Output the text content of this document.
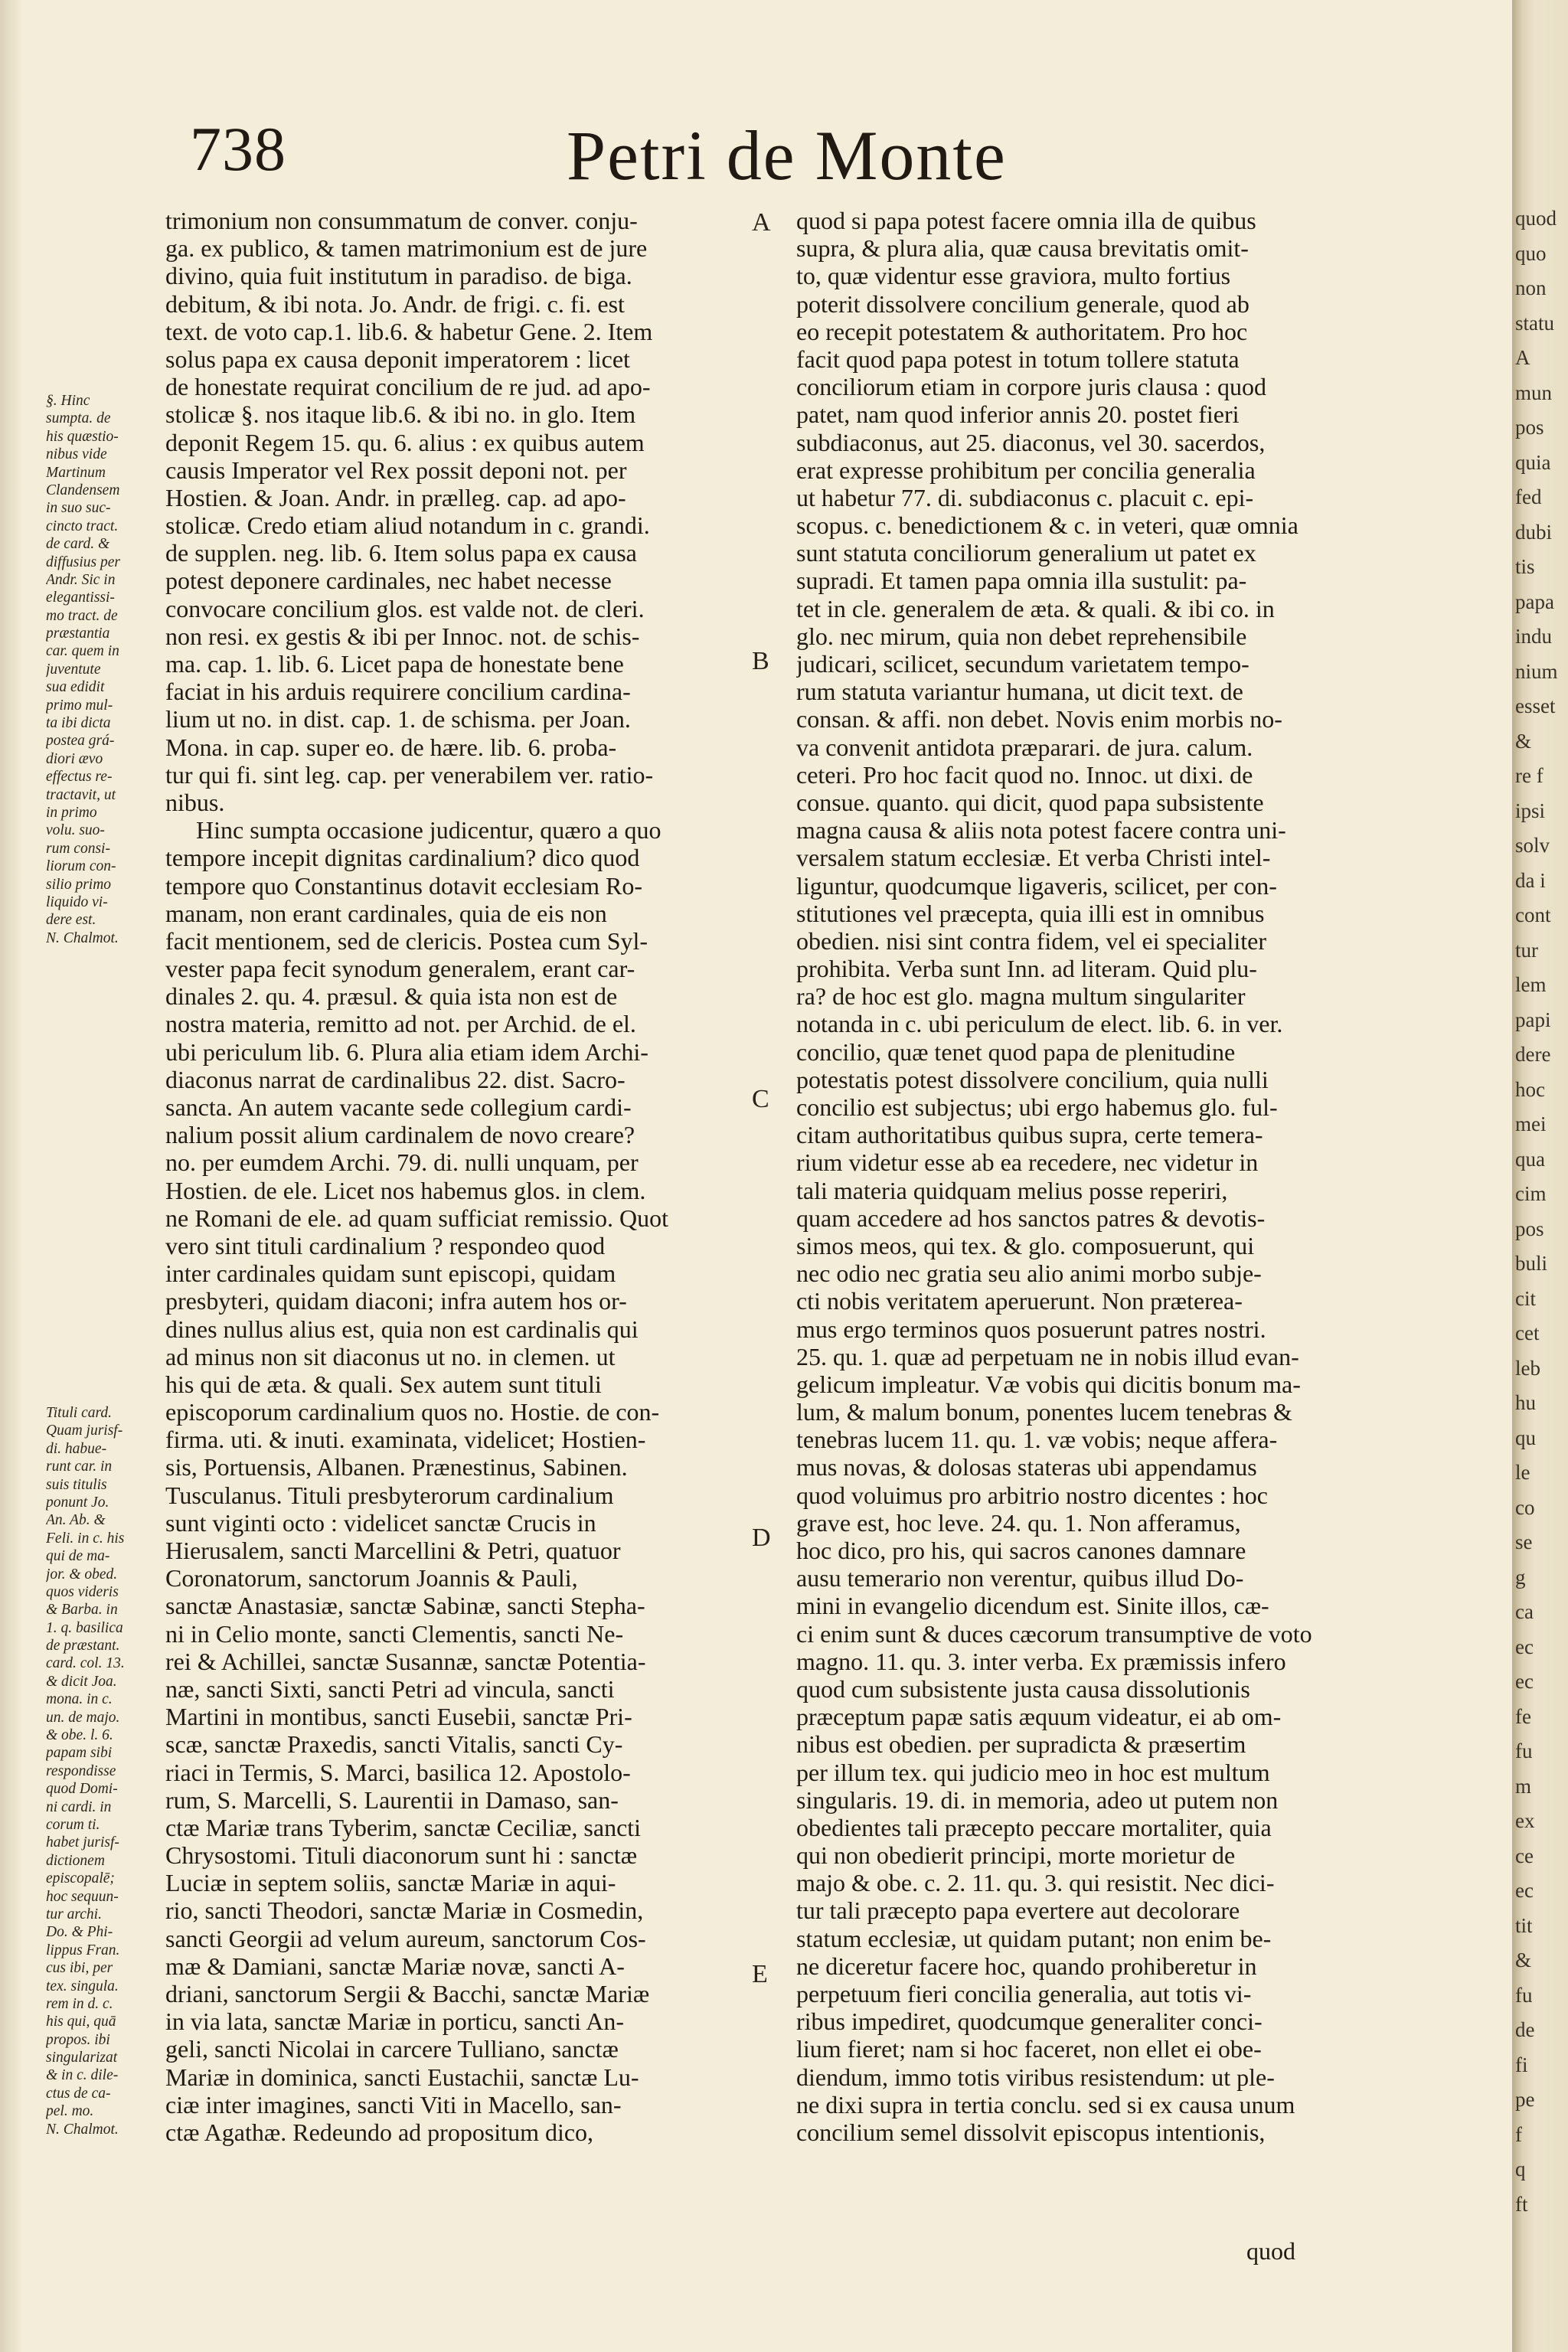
738	Petri de Monte
§. Hinc
sumpta. de
his quæstio-
nibus vide
Martinum
Clandensem
in suo suc-
cincto tract.
de card. &
diffusius per
Andr. Sic in
elegantissi-
mo tract. de
præstantia
car. quem in
juventute
sua edidit
primo mul-
ta ibi dicta
postea grá-
diori ævo
effectus re-
tractavit, ut
in primo
volu. suo-
rum consi-
liorum con-
silio primo
liquido vi-
dere est.
N. Chalmot.
Tituli card.
Quam jurisf-
di. habue-
runt car. in
suis titulis
ponunt Jo.
An. Ab. &
Feli. in c. his
qui de ma-
jor. & obed.
quos videris
& Barba. in
1. q. basilica
de præstant.
card. col. 13.
& dicit Joa.
mona. in c.
un. de majo.
& obe. l. 6.
papam sibi
respondisse
quod Domi-
ni cardi. in
corum ti.
habet jurisf-
dictionem
episcopalē;
hoc sequun-
tur archi.
Do. & Phi-
lippus Fran.
cus ibi, per
tex. singula.
rem in d. c.
his qui, quā
propos. ibi
singularizat
& in c. dile-
ctus de ca-
pel. mo.
N. Chalmot.
trimonium non consummatum de conver. conju-
ga. ex publico, & tamen matrimonium est de jure
divino, quia fuit institutum in paradiso. de biga.
debitum, & ibi nota. Jo. Andr. de frigi. c. fi. est
text. de voto cap.1. lib.6. & habetur Gene. 2. Item
solus papa ex causa deponit imperatorem : licet
de honestate requirat concilium de re jud. ad apo-
stolicæ §. nos itaque lib.6. & ibi no. in glo. Item
deponit Regem 15. qu. 6. alius : ex quibus autem
causis Imperator vel Rex possit deponi not. per
Hostien. & Joan. Andr. in prælleg. cap. ad apo-
stolicæ. Credo etiam aliud notandum in c. grandi.
de supplen. neg. lib. 6. Item solus papa ex causa
potest deponere cardinales, nec habet necesse
convocare concilium glos. est valde not. de cleri.
non resi. ex gestis & ibi per Innoc. not. de schis-
ma. cap. 1. lib. 6. Licet papa de honestate bene
faciat in his arduis requirere concilium cardina-
lium ut no. in dist. cap. 1. de schisma. per Joan.
Mona. in cap. super eo. de hære. lib. 6. proba-
tur qui fi. sint leg. cap. per venerabilem ver. ratio-
nibus.
Hinc sumpta occasione judicentur, quæro a quo
tempore incepit dignitas cardinalium? dico quod
tempore quo Constantinus dotavit ecclesiam Ro-
manam, non erant cardinales, quia de eis non
facit mentionem, sed de clericis. Postea cum Syl-
vester papa fecit synodum generalem, erant car-
dinales 2. qu. 4. præsul. & quia ista non est de
nostra materia, remitto ad not. per Archid. de el.
ubi periculum lib. 6. Plura alia etiam idem Archi-
diaconus narrat de cardinalibus 22. dist. Sacro-
sancta. An autem vacante sede collegium cardi-
nalium possit alium cardinalem de novo creare?
no. per eumdem Archi. 79. di. nulli unquam, per
Hostien. de ele. Licet nos habemus glos. in clem.
ne Romani de ele. ad quam sufficiat remissio. Quot
vero sint tituli cardinalium ? respondeo quod
inter cardinales quidam sunt episcopi, quidam
presbyteri, quidam diaconi; infra autem hos or-
dines nullus alius est, quia non est cardinalis qui
ad minus non sit diaconus ut no. in clemen. ut
his qui de æta. & quali. Sex autem sunt tituli
episcoporum cardinalium quos no. Hostie. de con-
firma. uti. & inuti. examinata, videlicet; Hostien-
sis, Portuensis, Albanen. Prænestinus, Sabinen.
Tusculanus. Tituli presbyterorum cardinalium
sunt viginti octo : videlicet sanctæ Crucis in
Hierusalem, sancti Marcellini & Petri, quatuor
Coronatorum, sanctorum Joannis & Pauli,
sanctæ Anastasiæ, sanctæ Sabinæ, sancti Stepha-
ni in Celio monte, sancti Clementis, sancti Ne-
rei & Achillei, sanctæ Susannæ, sanctæ Potentia-
næ, sancti Sixti, sancti Petri ad vincula, sancti
Martini in montibus, sancti Eusebii, sanctæ Pri-
scæ, sanctæ Praxedis, sancti Vitalis, sancti Cy-
riaci in Termis, S. Marci, basilica 12. Apostolo-
rum, S. Marcelli, S. Laurentii in Damaso, san-
ctæ Mariæ trans Tyberim, sanctæ Ceciliæ, sancti
Chrysostomi. Tituli diaconorum sunt hi : sanctæ
Luciæ in septem soliis, sanctæ Mariæ in aqui-
rio, sancti Theodori, sanctæ Mariæ in Cosmedin,
sancti Georgii ad velum aureum, sanctorum Cos-
mæ & Damiani, sanctæ Mariæ novæ, sancti A-
driani, sanctorum Sergii & Bacchi, sanctæ Mariæ
in via lata, sanctæ Mariæ in porticu, sancti An-
geli, sancti Nicolai in carcere Tulliano, sanctæ
Mariæ in dominica, sancti Eustachii, sanctæ Lu-
ciæ inter imagines, sancti Viti in Macello, san-
ctæ Agathæ. Redeundo ad propositum dico,
quod si papa potest facere omnia illa de quibus
supra, & plura alia, quæ causa brevitatis omit-
to, quæ videntur esse graviora, multo fortius
poterit dissolvere concilium generale, quod ab
eo recepit potestatem & authoritatem. Pro hoc
facit quod papa potest in totum tollere statuta
conciliorum etiam in corpore juris clausa : quod
patet, nam quod inferior annis 20. postet fieri
subdiaconus, aut 25. diaconus, vel 30. sacerdos,
erat expresse prohibitum per concilia generalia
ut habetur 77. di. subdiaconus c. placuit c. epi-
scopus. c. benedictionem & c. in veteri, quæ omnia
sunt statuta conciliorum generalium ut patet ex
supradi. Et tamen papa omnia illa sustulit: pa-
tet in cle. generalem de æta. & quali. & ibi co. in
glo. nec mirum, quia non debet reprehensibile
judicari, scilicet, secundum varietatem tempo-
rum statuta variantur humana, ut dicit text. de
consan. & affi. non debet. Novis enim morbis no-
va convenit antidota præparari. de jura. calum.
ceteri. Pro hoc facit quod no. Innoc. ut dixi. de
consue. quanto. qui dicit, quod papa subsistente
magna causa & aliis nota potest facere contra uni-
versalem statum ecclesiæ. Et verba Christi intel-
liguntur, quodcumque ligaveris, scilicet, per con-
stitutiones vel præcepta, quia illi est in omnibus
obedien. nisi sint contra fidem, vel ei specialiter
prohibita. Verba sunt Inn. ad literam. Quid plu-
ra? de hoc est glo. magna multum singulariter
notanda in c. ubi periculum de elect. lib. 6. in ver.
concilio, quæ tenet quod papa de plenitudine
potestatis potest dissolvere concilium, quia nulli
concilio est subjectus; ubi ergo habemus glo. ful-
citam authoritatibus quibus supra, certe temera-
rium videtur esse ab ea recedere, nec videtur in
tali materia quidquam melius posse reperiri,
quam accedere ad hos sanctos patres & devotis-
simos meos, qui tex. & glo. composuerunt, qui
nec odio nec gratia seu alio animi morbo subje-
cti nobis veritatem aperuerunt. Non præterea-
mus ergo terminos quos posuerunt patres nostri.
25. qu. 1. quæ ad perpetuam ne in nobis illud evan-
gelicum impleatur. Væ vobis qui dicitis bonum ma-
lum, & malum bonum, ponentes lucem tenebras &
tenebras lucem 11. qu. 1. væ vobis; neque affera-
mus novas, & dolosas stateras ubi appendamus
quod voluimus pro arbitrio nostro dicentes : hoc
grave est, hoc leve. 24. qu. 1. Non afferamus,
hoc dico, pro his, qui sacros canones damnare
ausu temerario non verentur, quibus illud Do-
mini in evangelio dicendum est. Sinite illos, cæ-
ci enim sunt & duces cæcorum transumptive de voto
magno. 11. qu. 3. inter verba. Ex præmissis infero
quod cum subsistente justa causa dissolutionis
præceptum papæ satis æquum videatur, ei ab om-
nibus est obedien. per supradicta & præsertim
per illum tex. qui judicio meo in hoc est multum
singularis. 19. di. in memoria, adeo ut putem non
obedientes tali præcepto peccare mortaliter, quia
qui non obedierit principi, morte morietur de
majo & obe. c. 2. 11. qu. 3. qui resistit. Nec dici-
tur tali præcepto papa evertere aut decolorare
statum ecclesiæ, ut quidam putant; non enim be-
ne diceretur facere hoc, quando prohiberetur in
perpetuum fieri concilia generalia, aut totis vi-
ribus impediret, quodcumque generaliter conci-
lium fieret; nam si hoc faceret, non ellet ei obe-
diendum, immo totis viribus resistendum: ut ple-
ne dixi supra in tertia conclu. sed si ex causa unum
concilium semel dissolvit episcopus intentionis,
A
B
C
D
E
quod
quod
quo
non
statu
A
mun
pos
quia
fed
dubi
tis
papa
indu
nium
esset
&
re f
ipsi
solv
da i
cont
tur
lem
papi
dere
hoc
mei
qua
cim
pos
buli
cit
cet
leb
hu
qu
le
co
se
g
ca
ec
ec
fe
fu
m
ex
ce
ec
tit
&
fu
de
fi
pe
f
q
ft
